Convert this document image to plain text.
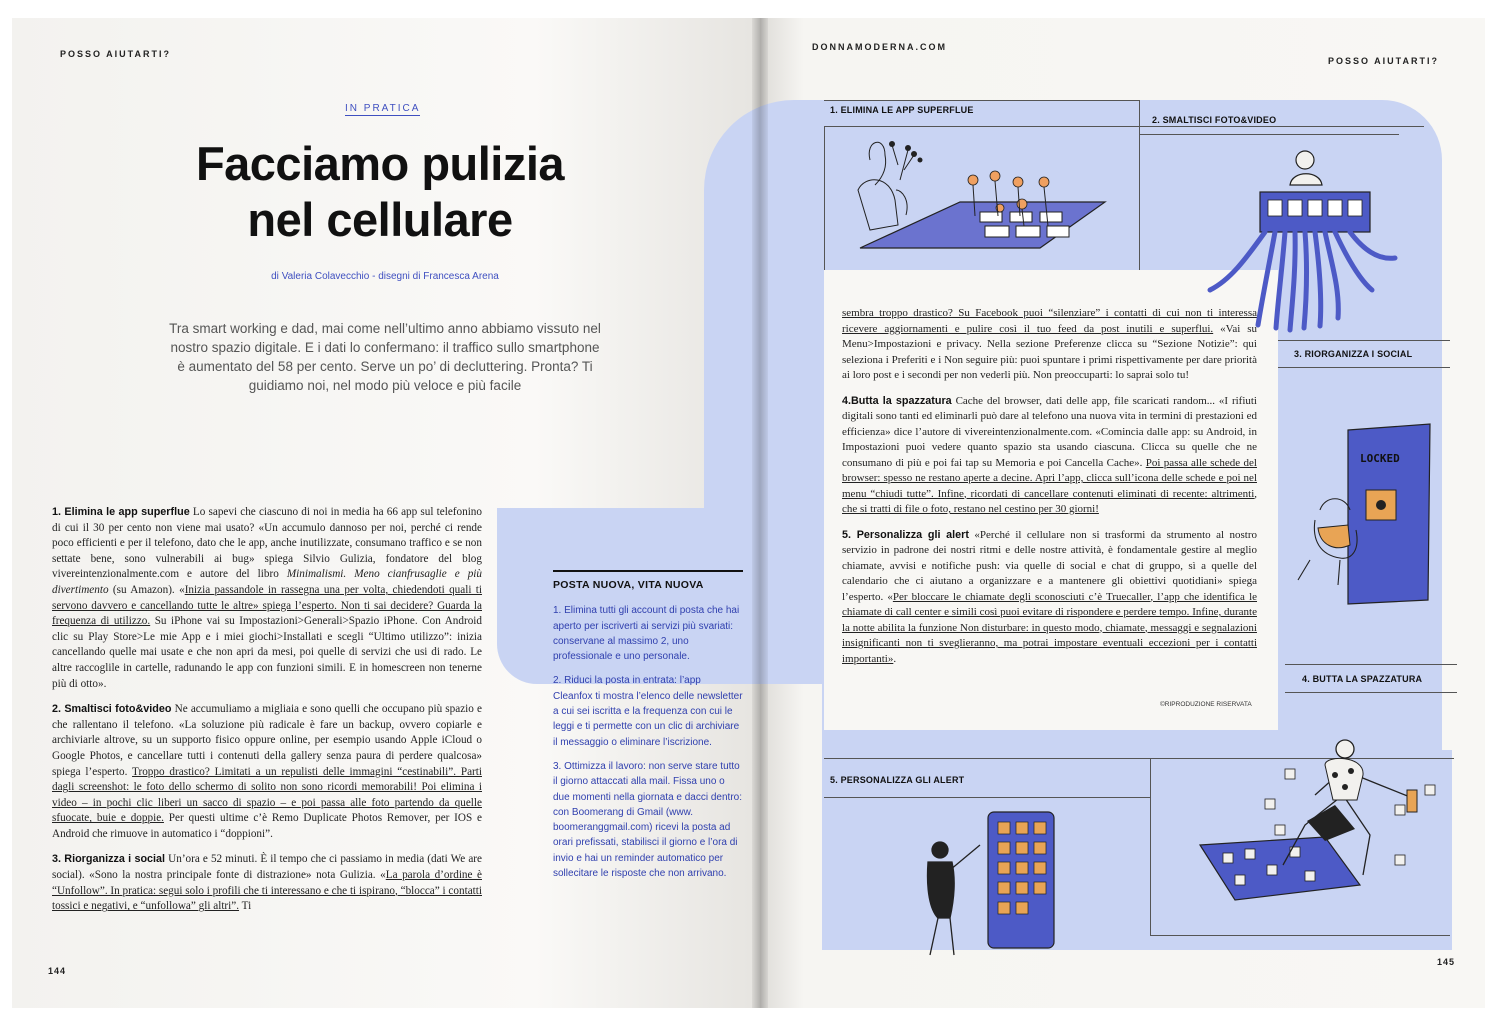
POSSO AIUTARTI?
IN PRATICA
Facciamo pulizia
nel cellulare
di Valeria Colavecchio - disegni di Francesca Arena
Tra smart working e dad, mai come nell’ultimo anno abbiamo vissuto nel nostro spazio digitale. E i dati lo confermano: il traffico sullo smartphone è aumentato del 58 per cento. Serve un po’ di decluttering. Pronta? Ti guidiamo noi, nel modo più veloce e più facile

1. Elimina le app superflue Lo sapevi che ciascuno di noi in media ha 66 app sul telefonino di cui il 30 per cento non viene mai usato? «Un accumulo dannoso per noi, perché ci rende poco efficienti e per il telefono, dato che le app, anche inutilizzate, consumano traffico e se non settate bene, sono vulnerabili ai bug» spiega Silvio Gulizia, fondatore del blog vivereintenzionalmente.com e autore del libro Minimalismi. Meno cianfrusaglie e più divertimento (su Amazon). «Inizia passandole in rassegna una per volta, chiedendoti quali ti servono davvero e cancellando tutte le altre» spiega l’esperto. Non ti sai decidere? Guarda la frequenza di utilizzo. Su iPhone vai su Impostazioni>Generali>Spazio iPhone. Con Android clic su Play Store>Le mie App e i miei giochi>Installati e scegli “Ultimo utilizzo”: inizia cancellando quelle mai usate e che non apri da mesi, poi quelle di servizi che usi di rado. Le altre raccoglile in cartelle, radunando le app con funzioni simili. E in homescreen non tenerne più di otto».

2. Smaltisci foto&video Ne accumuliamo a migliaia e sono quelli che occupano più spazio e che rallentano il telefono. «La soluzione più radicale è fare un backup, ovvero copiarle e archiviarle altrove, su un supporto fisico oppure online, per esempio usando Apple iCloud o Google Photos, e cancellare tutti i contenuti della gallery senza paura di perdere qualcosa» spiega l’esperto. Troppo drastico? Limitati a un repulisti delle immagini “cestinabili”. Parti dagli screenshot: le foto dello schermo di solito non sono ricordi memorabili! Poi elimina i video – in pochi clic liberi un sacco di spazio – e poi passa alle foto partendo da quelle sfuocate, buie e doppie. Per questi ultime c’è Remo Duplicate Photos Remover, per IOS e Android che rimuove in automatico i “doppioni”.

3. Riorganizza i social Un’ora e 52 minuti. È il tempo che ci passiamo in media (dati We are social). «Sono la nostra principale fonte di distrazione» nota Gulizia. «La parola d’ordine è “Unfollow”. In pratica: segui solo i profili che ti interessano e che ti ispirano, “blocca” i contatti tossici e negativi, e “unfollowa” gli altri”. Ti

POSTA NUOVA, VITA NUOVA

1. Elimina tutti gli account di posta che hai aperto per iscriverti ai servizi più svariati: conservane al massimo 2, uno professionale e uno personale.

2. Riduci la posta in entrata: l’app Cleanfox ti mostra l’elenco delle newsletter a cui sei iscritta e la frequenza con cui le leggi e ti permette con un clic di archiviare il messaggio o eliminare l’iscrizione.

3. Ottimizza il lavoro: non serve stare tutto il giorno attaccati alla mail. Fissa uno o due momenti nella giornata e dacci dentro: con Boomerang di Gmail (www. boomeranggmail.com) ricevi la posta ad orari prefissati, stabilisci il giorno e l’ora di invio e hai un reminder automatico per sollecitare le risposte che non arrivano.

144
DONNAMODERNA.COM
POSSO AIUTARTI?
1. ELIMINA LE APP SUPERFLUE
2. SMALTISCI FOTO&VIDEO
3. RIORGANIZZA I SOCIAL
4. BUTTA LA SPAZZATURA
5. PERSONALIZZA GLI ALERT

sembra troppo drastico? Su Facebook puoi “silenziare” i contatti di cui non ti interessa ricevere aggiornamenti e pulire così il tuo feed da post inutili e superflui. «Vai su Menu>Impostazioni e privacy. Nella sezione Preferenze clicca su “Sezione Notizie”: qui seleziona i Preferiti e i Non seguire più: puoi spuntare i primi rispettivamente per dare priorità ai loro post e i secondi per non vederli più. Non preoccuparti: lo saprai solo tu!

4.Butta la spazzatura Cache del browser, dati delle app, file scaricati random... «I rifiuti digitali sono tanti ed eliminarli può dare al telefono una nuova vita in termini di prestazioni ed efficienza» dice l’autore di vivereintenzionalmente.com. «Comincia dalle app: su Android, in Impostazioni puoi vedere quanto spazio sta usando ciascuna. Clicca su quelle che ne consumano di più e poi fai tap su Memoria e poi Cancella Cache». Poi passa alle schede del browser: spesso ne restano aperte a decine. Apri l’app, clicca sull’icona delle schede e poi nel menu “chiudi tutte”. Infine, ricordati di cancellare contenuti eliminati di recente: altrimenti, che si tratti di file o foto, restano nel cestino per 30 giorni!

5. Personalizza gli alert «Perché il cellulare non si trasformi da strumento al nostro servizio in padrone dei nostri ritmi e delle nostre attività, è fondamentale gestire al meglio chiamate, avvisi e notifiche push: via quelle di social e chat di gruppo, sì a quelle del calendario che ci aiutano a organizzare e a mantenere gli obiettivi quotidiani» spiega l’esperto. «Per bloccare le chiamate degli sconosciuti c’è Truecaller, l’app che identifica le chiamate di call center e simili così puoi evitare di rispondere e perdere tempo. Infine, durante la notte abilita la funzione Non disturbare: in questo modo, chiamate, messaggi e segnalazioni insignificanti non ti sveglieranno, ma potrai impostare eventuali eccezioni per i contatti importanti».

©RIPRODUZIONE RISERVATA
LOCKED
145
